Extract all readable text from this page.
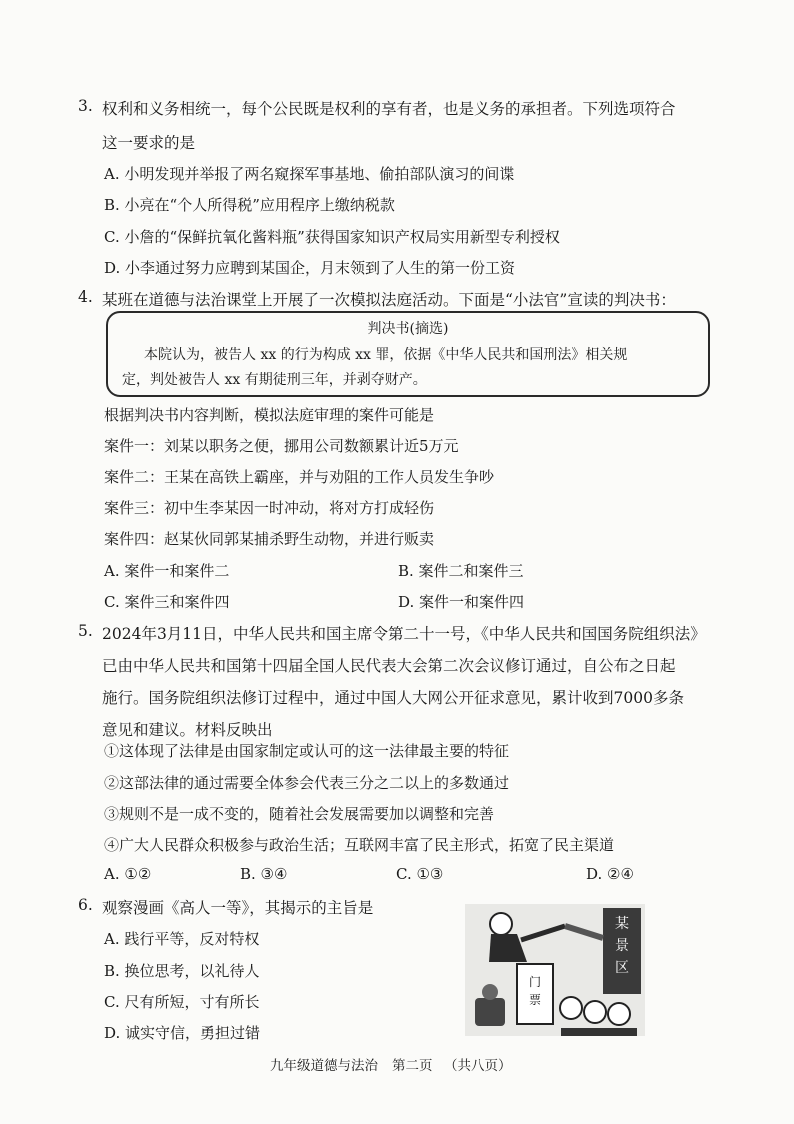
3. 权利和义务相统一，每个公民既是权利的享有者，也是义务的承担者。下列选项符合
这一要求的是
A. 小明发现并举报了两名窥探军事基地、偷拍部队演习的间谍
B. 小亮在“个人所得税”应用程序上缴纳税款
C. 小詹的“保鲜抗氧化酱料瓶”获得国家知识产权局实用新型专利授权
D. 小李通过努力应聘到某国企，月末领到了人生的第一份工资
4. 某班在道德与法治课堂上开展了一次模拟法庭活动。下面是“小法官”宣读的判决书：
判决书(摘选)
本院认为，被告人 xx 的行为构成 xx 罪，依据《中华人民共和国刑法》相关规
定，判处被告人 xx 有期徒刑三年，并剥夺财产。
根据判决书内容判断，模拟法庭审理的案件可能是
案件一：刘某以职务之便，挪用公司数额累计近5万元
案件二：王某在高铁上霸座，并与劝阻的工作人员发生争吵
案件三：初中生李某因一时冲动，将对方打成轻伤
案件四：赵某伙同郭某捕杀野生动物，并进行贩卖
A. 案件一和案件二	B. 案件二和案件三
C. 案件三和案件四	D. 案件一和案件四
5. 2024年3月11日，中华人民共和国主席令第二十一号，《中华人民共和国国务院组织法》
已由中华人民共和国第十四届全国人民代表大会第二次会议修订通过，自公布之日起
施行。国务院组织法修订过程中，通过中国人大网公开征求意见，累计收到7000多条
意见和建议。材料反映出
①这体现了法律是由国家制定或认可的这一法律最主要的特征
②这部法律的通过需要全体参会代表三分之二以上的多数通过
③规则不是一成不变的，随着社会发展需要加以调整和完善
④广大人民群众积极参与政治生活；互联网丰富了民主形式，拓宽了民主渠道
A. ①②	B. ③④	C. ①③	D. ②④
6. 观察漫画《高人一等》，其揭示的主旨是
A. 践行平等，反对特权
B. 换位思考，以礼待人
C. 尺有所短，寸有所长
D. 诚实守信，勇担过错
某
景
区
门
票
九年级道德与法治 第二页 （共八页）
